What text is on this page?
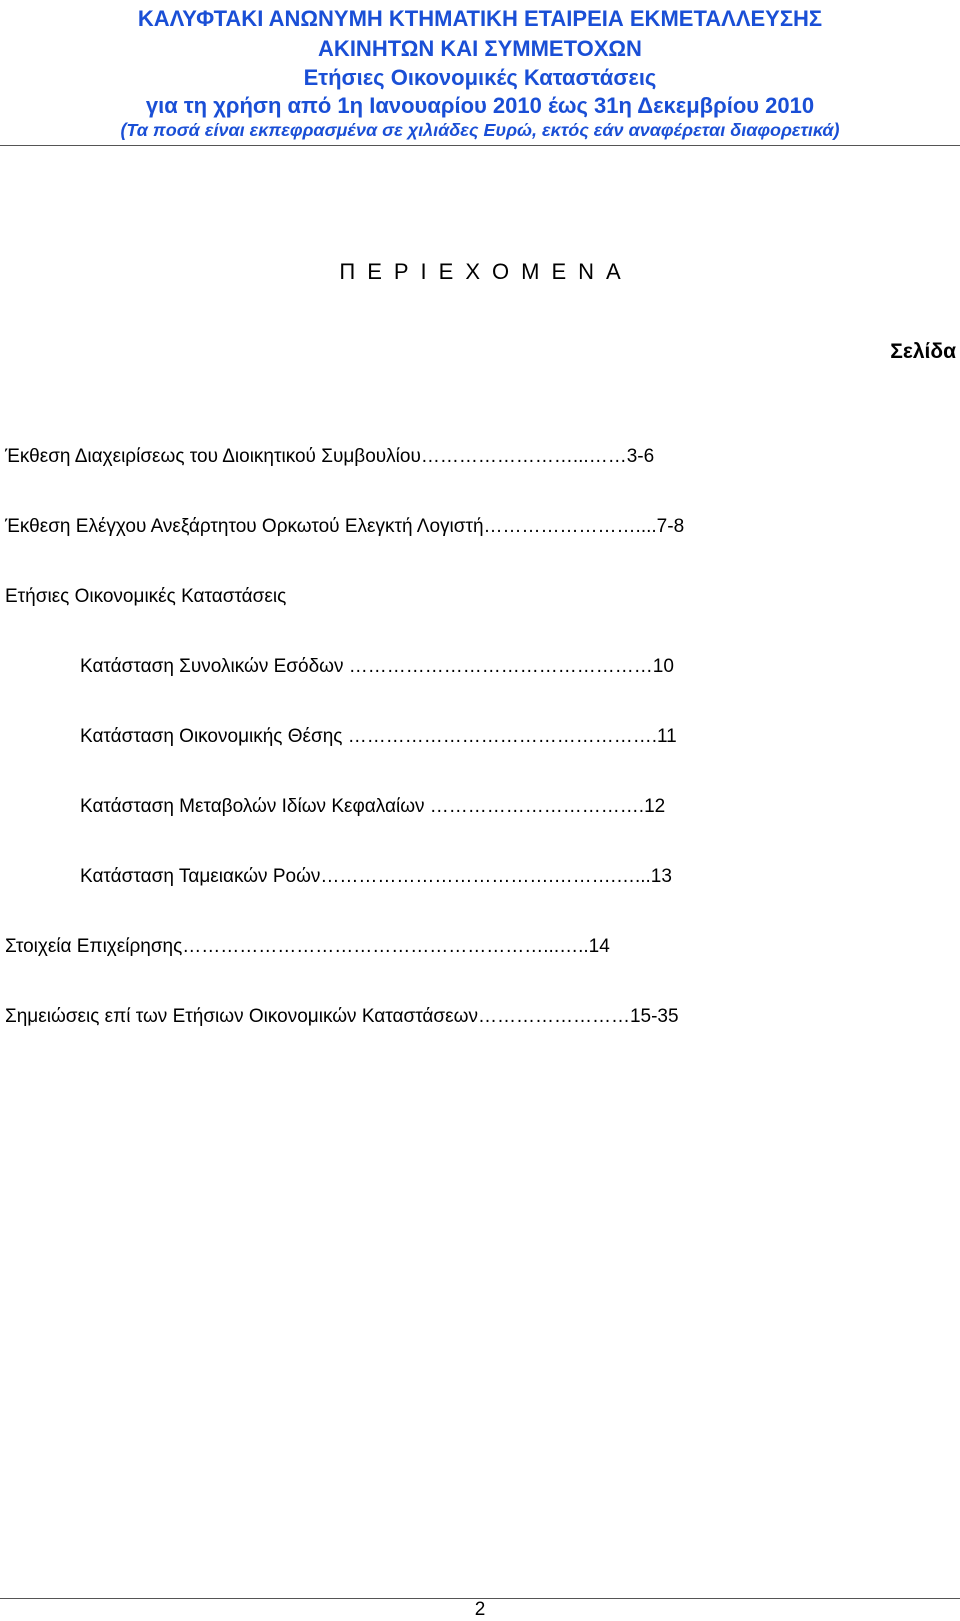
ΚΑΛΥΦΤΑΚΙ ΑΝΩΝΥΜΗ ΚΤΗΜΑΤΙΚΗ ΕΤΑΙΡΕΙΑ ΕΚΜΕΤΑΛΛΕΥΣΗΣ
ΑΚΙΝΗΤΩΝ ΚΑΙ ΣΥΜΜΕΤΟΧΩΝ
Ετήσιες Οικονομικές Καταστάσεις
για τη χρήση από 1η Ιανουαρίου 2010 έως 31η Δεκεμβρίου 2010
(Τα ποσά είναι εκπεφρασμένα σε χιλιάδες Ευρώ, εκτός εάν αναφέρεται διαφορετικά)
ΠΕΡΙΕΧΟΜΕΝΑ
Σελίδα
Έκθεση Διαχειρίσεως του Διοικητικού Συμβουλίου……………………...……3-6
Έκθεση Ελέγχου Ανεξάρτητου Ορκωτού Ελεγκτή Λογιστή……………………....7-8
Ετήσιες Οικονομικές Καταστάσεις
Κατάσταση Συνολικών Εσόδων …………………………………………10
Κατάσταση Οικονομικής Θέσης ………………………………………….11
Κατάσταση Μεταβολών Ιδίων Κεφαλαίων …………………………….12
Κατάσταση Ταμειακών Ροών……………………………….……….…...13
Στοιχεία Επιχείρησης…………………………………………………...…..14
Σημειώσεις επί των Ετήσιων Οικονομικών Καταστάσεων……………………15-35
2
